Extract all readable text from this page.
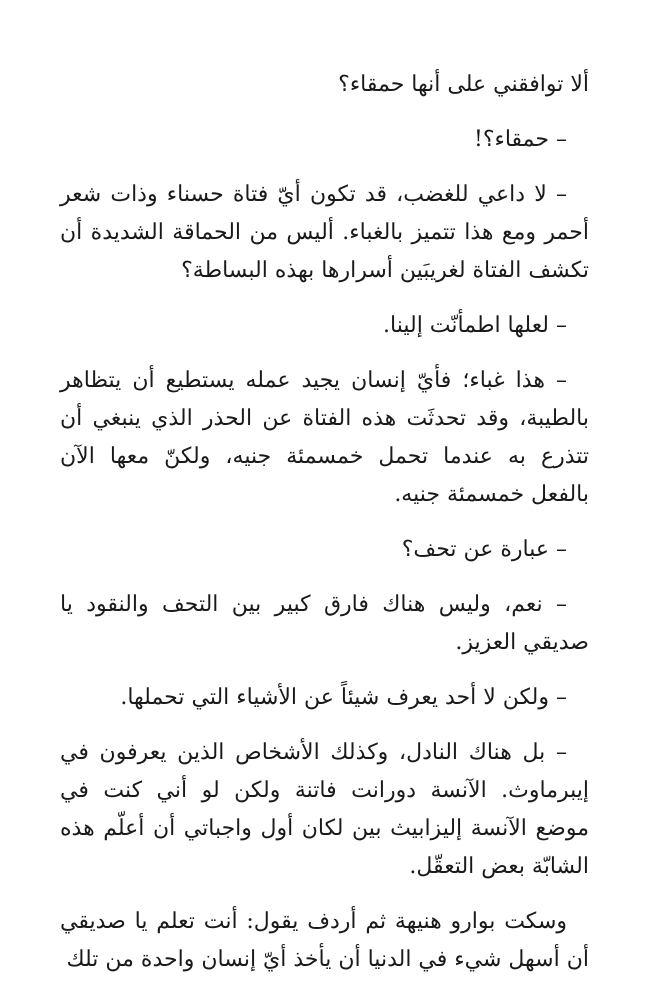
ألا توافقني على أنها حمقاء؟

– حمقاء؟!

– لا داعي للغضب، قد تكون أيّ فتاة حسناء وذات شعر أحمر ومع هذا تتميز بالغباء. أليس من الحماقة الشديدة أن تكشف الفتاة لغريبَين أسرارها بهذه البساطة؟

– لعلها اطمأنّت إلينا.

– هذا غباء؛ فأيّ إنسان يجيد عمله يستطيع أن يتظاهر بالطيبة، وقد تحدثَت هذه الفتاة عن الحذر الذي ينبغي أن تتذرع به عندما تحمل خمسمئة جنيه، ولكنّ معها الآن بالفعل خمسمئة جنيه.

– عبارة عن تحف؟

– نعم، وليس هناك فارق كبير بين التحف والنقود يا صديقي العزيز.

– ولكن لا أحد يعرف شيئاً عن الأشياء التي تحملها.

– بل هناك النادل، وكذلك الأشخاص الذين يعرفون في إيبرماوث. الآنسة دورانت فاتنة ولكن لو أني كنت في موضع الآنسة إليزابيث بين لكان أول واجباتي أن أعلّم هذه الشابّة بعض التعقّل.

وسكت بوارو هنيهة ثم أردف يقول: أنت تعلم يا صديقي أن أسهل شيء في الدنيا أن يأخذ أيّ إنسان واحدة من تلك
